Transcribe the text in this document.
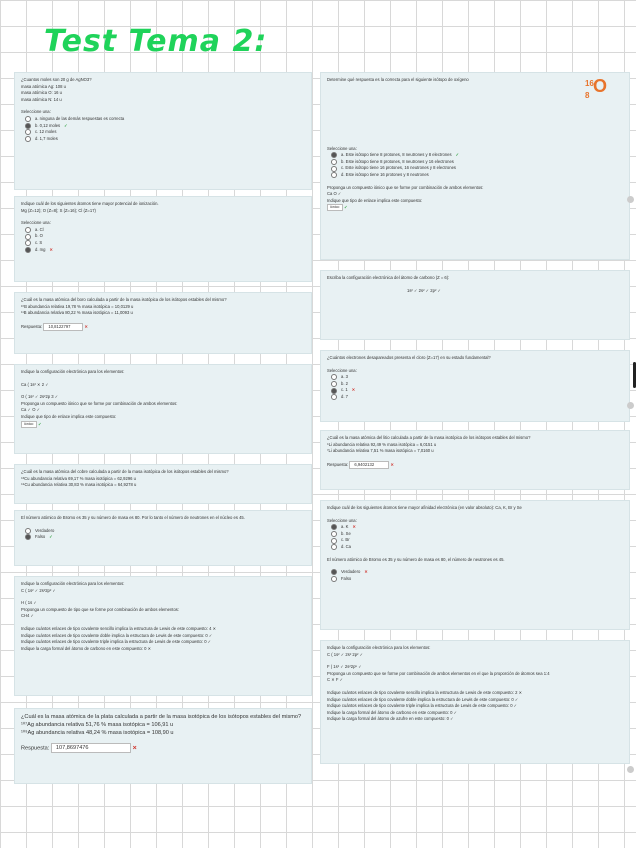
Test Tema 2:

¿Cuantos moles son 20 g de AgNO3?

masa atómica Ag: 108 u

masa atómica O: 16 u

masa atómica N: 14 u

Seleccione una:

a. ninguna de las demás respuestas es correcta
b. 0,12 moles ✓
c. 12 moles
d. 1,7 moles

Indique cuál de los siguientes átomos tiene mayor potencial de ionización.

Mg (Z=12); O (Z=8); S (Z=16); Cl (Z=17)

Seleccione una:

a. Cl
b. O
c. S
d. mg ✕

¿Cuál es la masa atómica del boro calculada a partir de la masa isotópica de los isótopos estables del mismo?

¹⁰B abundancia relativa 19,78 % masa isotópica = 10,0129 u

¹¹B abundancia relativa 80,22 % masa isotópica = 11,0093 u

Respuesta: 10,8122797	✕

Indique la configuración electrónica para los elementos:

Ca ( 1s² ✕ 2 ✓

O ( 1s² ✓ 2s²2p 3 ✓

Proponga un compuesto iónico que se forme por combinación de ambos elementos:

Ca ✓ O ✓

Indique que tipo de enlace implica este compuesto:

iónico ✓

¿Cuál es la masa atómica del cobre calculada a partir de la masa isotópica de los isótopos estables del mismo?

⁶³Cu abundancia relativa 69,17 % masa isotópica = 62,9296 u

⁶⁵Cu abundancia relativa 30,83 % masa isotópica = 64,9278 u

El número atómico de Bromo es 35 y su número de masa es 80. Por lo tanto el número de neutrones en el núcleo es 45.

Verdadero
Falso ✓

Indique la configuración electrónica para los elementos:

C ( 1s² ✓ 2s²2p² ✓

H ( 1s ✓

Proponga un compuesto de tipo que se forme por combinación de ambos elementos:

CH4 ✓

Indique cuántos enlaces de tipo covalente sencillo implica la estructura de Lewis de este compuesto: 4 ✕

Indique cuántos enlaces de tipo covalente doble implica la estructura de Lewis de este compuesto: 0 ✓

Indique cuántos enlaces de tipo covalente triple implica la estructura de Lewis de este compuesto: 0 ✓

Indique la carga formal del átomo de carbono en este compuesto: 0 ✕

¿Cuál es la masa atómica de la plata calculada a partir de la masa isotópica de los isótopos estables del mismo?

¹⁰⁷Ag abundancia relativa 51,76 % masa isotópica = 106,91 u

¹⁰⁹Ag abundancia relativa 48,24 % masa isotópica = 108,90 u

Respuesta: 107,8697476	✕

Determine qué respuesta es la correcta para el siguiente isótopo de oxígeno	16
8 O

Seleccione una:

a. Este isótopo tiene 8 protones, 8 neutrones y 8 electrones ✓
b. Este isótopo tiene 8 protones, 8 neutrones y 16 electrones
c. Este isótopo tiene 16 protones, 16 neutrones y 8 electrones
d. Este isótopo tiene 16 protones y 8 neutrones

Proponga un compuesto iónico que se forme por combinación de ambos elementos:

Ca O ✓

Indique que tipo de enlace implica este compuesto:

iónico ✓

Escriba la configuración electrónica del átomo de carbono (Z = 6):

1s² ✓ 2s² ✓ 2p² ✓

¿Cuántos electrones desapareados presenta el cloro (Z=17) en su estado fundamental?

Seleccione una:

a. 3
b. 2
c. 1 ✕
d. 7

¿Cuál es la masa atómica del litio calculada a partir de la masa isotópica de los isótopos estables del mismo?

⁶Li abundancia relativa 92,49 % masa isotópica = 6,0151 u

⁷Li abundancia relativa 7,51 % masa isotópica = 7,0160 u

Respuesta: 6,9402132	✕

Indique cuál de los siguientes átomos tiene mayor afinidad electrónica (en valor absoluto): Ca, K, Br y Se

Seleccione una:

a. K ✕
b. Se
c. Br
d. Ca

El número atómico de Bromo es 35 y su número de masa es 80, el número de neutrones es 45.

Verdadero ✕
Falso

Indique la configuración electrónica para los elementos:

C ( 1s² ✓ 2s² 2p² ✓

F ( 1s² ✓ 2s²2p⁵ ✓

Proponga un compuesto que se forme por combinación de ambos elementos en el que la proporción de átomos sea 1:4

C ✕ F ✓

Indique cuántos enlaces de tipo covalente sencillo implica la estructura de Lewis de este compuesto: 2 ✕

Indique cuántos enlaces de tipo covalente doble implica la estructura de Lewis de este compuesto: 0 ✓

Indique cuántos enlaces de tipo covalente triple implica la estructura de Lewis de este compuesto: 0 ✓

Indique la carga formal del átomo de carbono en este compuesto: 0 ✓

Indique la carga formal del átomo de azufre en este compuesto: 0 ✓
